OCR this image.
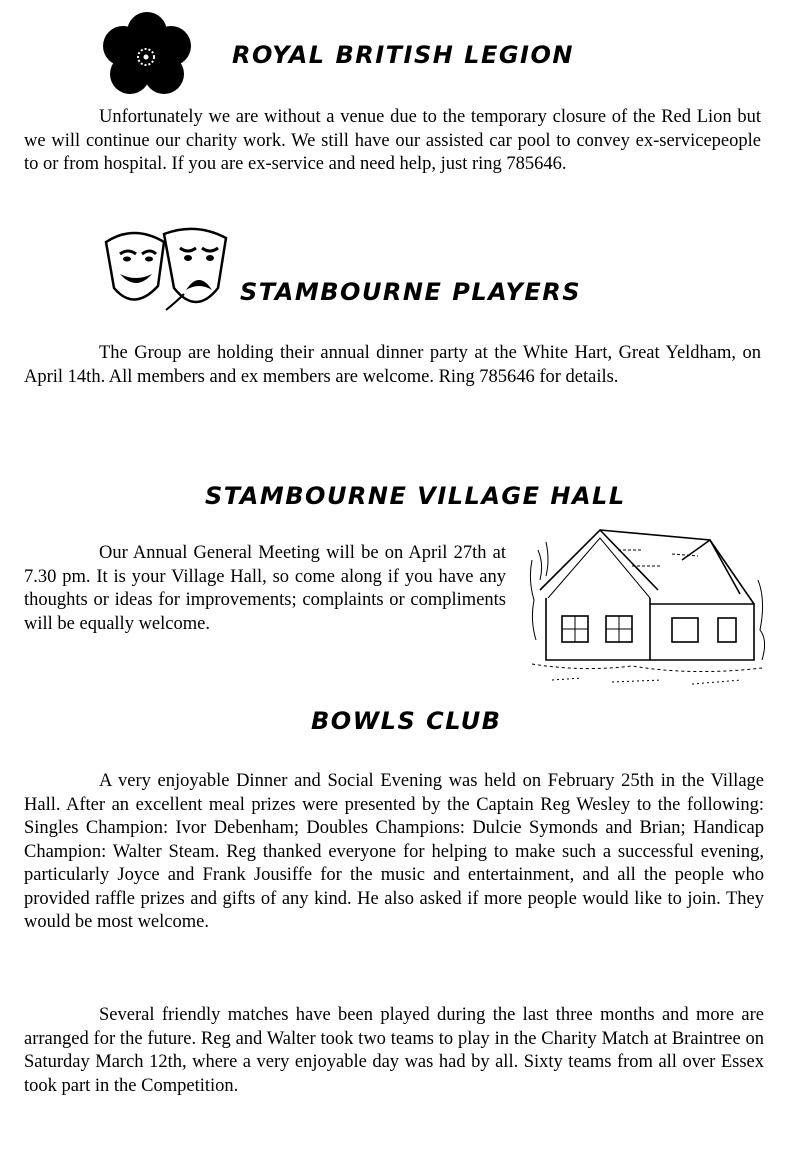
ROYAL BRITISH LEGION

Unfortunately we are without a venue due to the temporary closure of the Red Lion but we will continue our charity work. We still have our assisted car pool to convey ex-servicepeople to or from hospital. If you are ex-service and need help, just ring 785646.

STAMBOURNE PLAYERS

The Group are holding their annual dinner party at the White Hart, Great Yeldham, on April 14th. All members and ex members are welcome. Ring 785646 for details.

STAMBOURNE VILLAGE HALL

Our Annual General Meeting will be on April 27th at 7.30 pm. It is your Village Hall, so come along if you have any thoughts or ideas for improvements; complaints or compliments will be equally welcome.

BOWLS CLUB

A very enjoyable Dinner and Social Evening was held on February 25th in the Village Hall. After an excellent meal prizes were presented by the Captain Reg Wesley to the following: Singles Champion: Ivor Debenham; Doubles Champions: Dulcie Symonds and Brian; Handicap Champion: Walter Steam. Reg thanked everyone for helping to make such a successful evening, particularly Joyce and Frank Jousiffe for the music and entertainment, and all the people who provided raffle prizes and gifts of any kind. He also asked if more people would like to join. They would be most welcome.

Several friendly matches have been played during the last three months and more are arranged for the future. Reg and Walter took two teams to play in the Charity Match at Braintree on Saturday March 12th, where a very enjoyable day was had by all. Sixty teams from all over Essex took part in the Competition.
